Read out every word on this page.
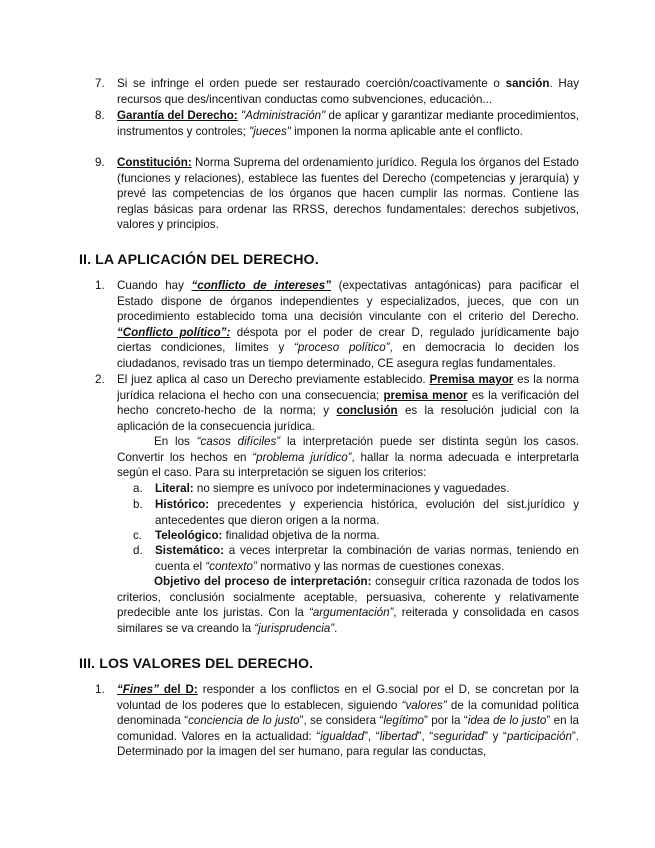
7. Si se infringe el orden puede ser restaurado coerción/coactivamente o sanción. Hay recursos que des/incentivan conductas como subvenciones, educación...

8. Garantía del Derecho: "Administración" de aplicar y garantizar mediante procedimientos, instrumentos y controles; "jueces" imponen la norma aplicable ante el conflicto.

9. Constitución: Norma Suprema del ordenamiento jurídico. Regula los órganos del Estado (funciones y relaciones), establece las fuentes del Derecho (competencias y jerarquía) y prevé las competencias de los órganos que hacen cumplir las normas. Contiene las reglas básicas para ordenar las RRSS, derechos fundamentales: derechos subjetivos, valores y principios.

II. LA APLICACIÓN DEL DERECHO.
1. Cuando hay “conflicto de intereses” (expectativas antagónicas) para pacificar el Estado dispone de órganos independientes y especializados, jueces, que con un procedimiento establecido toma una decisión vinculante con el criterio del Derecho. “Conflicto político”: déspota por el poder de crear D, regulado jurídicamente bajo ciertas condiciones, límites y “proceso político”, en democracia lo deciden los ciudadanos, revisado tras un tiempo determinado, CE asegura reglas fundamentales.

2. El juez aplica al caso un Derecho previamente establecido. Premisa mayor es la norma jurídica relaciona el hecho con una consecuencia; premisa menor es la verificación del hecho concreto-hecho de la norma; y conclusión es la resolución judicial con la aplicación de la consecuencia jurídica.

En los “casos difíciles” la interpretación puede ser distinta según los casos. Convertir los hechos en “problema jurídico”, hallar la norma adecuada e interpretarla según el caso. Para su interpretación se siguen los criterios:

a. Literal: no siempre es unívoco por indeterminaciones y vaguedades.

b. Histórico: precedentes y experiencia histórica, evolución del sist.jurídico y antecedentes que dieron origen a la norma.

c. Teleológico: finalidad objetiva de la norma.

d. Sistemático: a veces interpretar la combinación de varias normas, teniendo en cuenta el “contexto” normativo y las normas de cuestiones conexas.

Objetivo del proceso de interpretación: conseguir crítica razonada de todos los criterios, conclusión socialmente aceptable, persuasiva, coherente y relativamente predecible ante los juristas. Con la “argumentación”, reiterada y consolidada en casos similares se va creando la “jurisprudencia”.

III. LOS VALORES DEL DERECHO.
1. “Fines” del D: responder a los conflictos en el G.social por el D, se concretan por la voluntad de los poderes que lo establecen, siguiendo “valores” de la comunidad política denominada “conciencia de lo justo”, se considera “legítimo” por la “idea de lo justo” en la comunidad. Valores en la actualidad: “igualdad”, “libertad”, “seguridad” y “participación”. Determinado por la imagen del ser humano, para regular las conductas,
